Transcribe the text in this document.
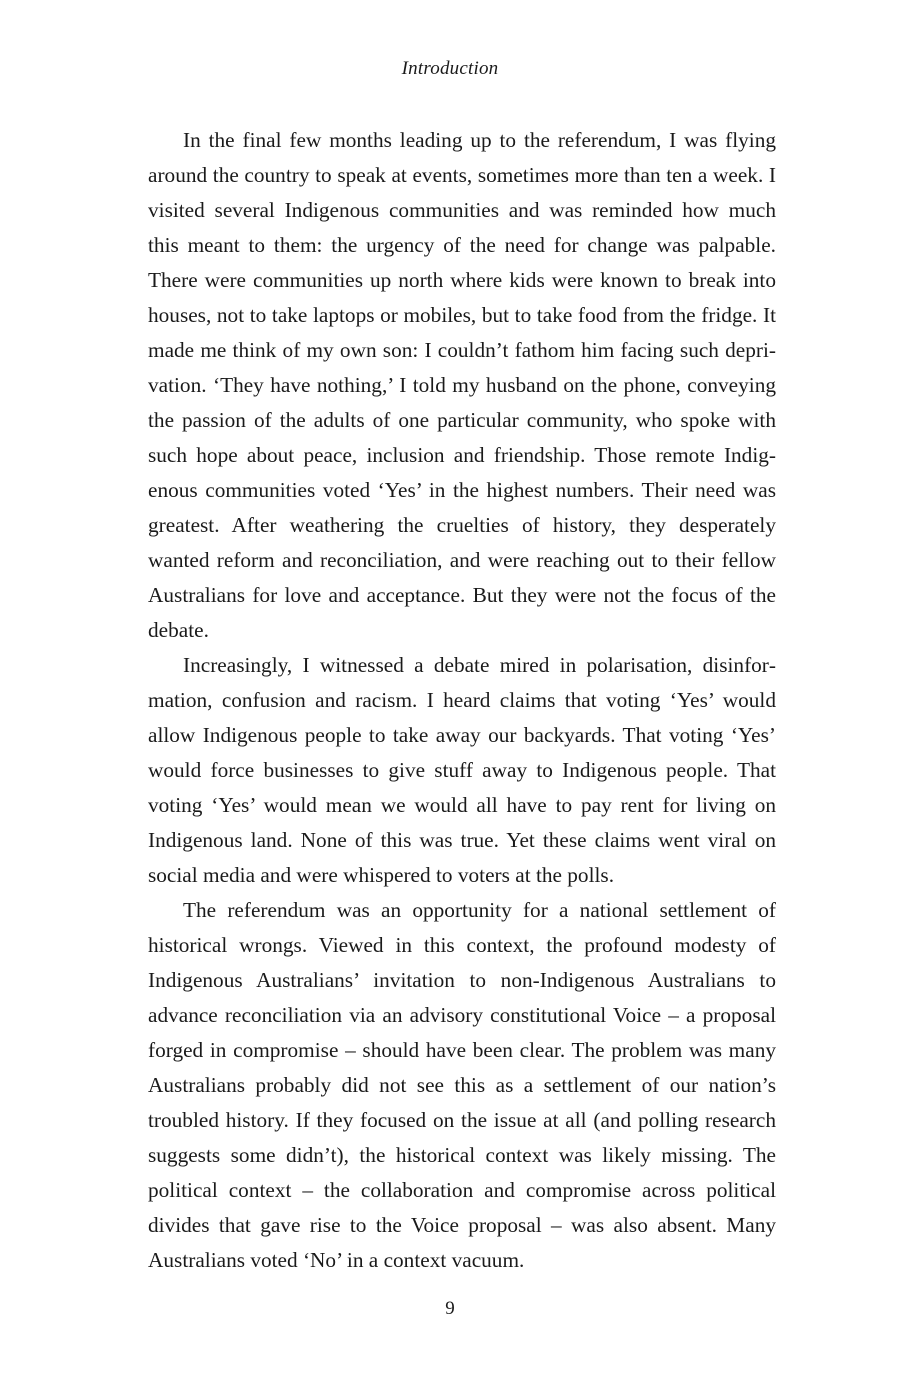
Introduction

In the final few months leading up to the referendum, I was flying around the country to speak at events, sometimes more than ten a week. I visited several Indigenous communities and was reminded how much this meant to them: the urgency of the need for change was palpable. There were communities up north where kids were known to break into houses, not to take laptops or mobiles, but to take food from the fridge. It made me think of my own son: I couldn’t fathom him facing such deprivation. ‘They have nothing,’ I told my husband on the phone, conveying the passion of the adults of one particular community, who spoke with such hope about peace, inclusion and friendship. Those remote Indigenous communities voted ‘Yes’ in the highest numbers. Their need was greatest. After weathering the cruelties of history, they desperately wanted reform and reconciliation, and were reaching out to their fellow Australians for love and acceptance. But they were not the focus of the debate.

Increasingly, I witnessed a debate mired in polarisation, disinformation, confusion and racism. I heard claims that voting ‘Yes’ would allow Indigenous people to take away our backyards. That voting ‘Yes’ would force businesses to give stuff away to Indigenous people. That voting ‘Yes’ would mean we would all have to pay rent for living on Indigenous land. None of this was true. Yet these claims went viral on social media and were whispered to voters at the polls.

The referendum was an opportunity for a national settlement of historical wrongs. Viewed in this context, the profound modesty of Indigenous Australians’ invitation to non-Indigenous Australians to advance reconciliation via an advisory constitutional Voice – a proposal forged in compromise – should have been clear. The problem was many Australians probably did not see this as a settlement of our nation’s troubled history. If they focused on the issue at all (and polling research suggests some didn’t), the historical context was likely missing. The political context – the collaboration and compromise across political divides that gave rise to the Voice proposal – was also absent. Many Australians voted ‘No’ in a context vacuum.

9
